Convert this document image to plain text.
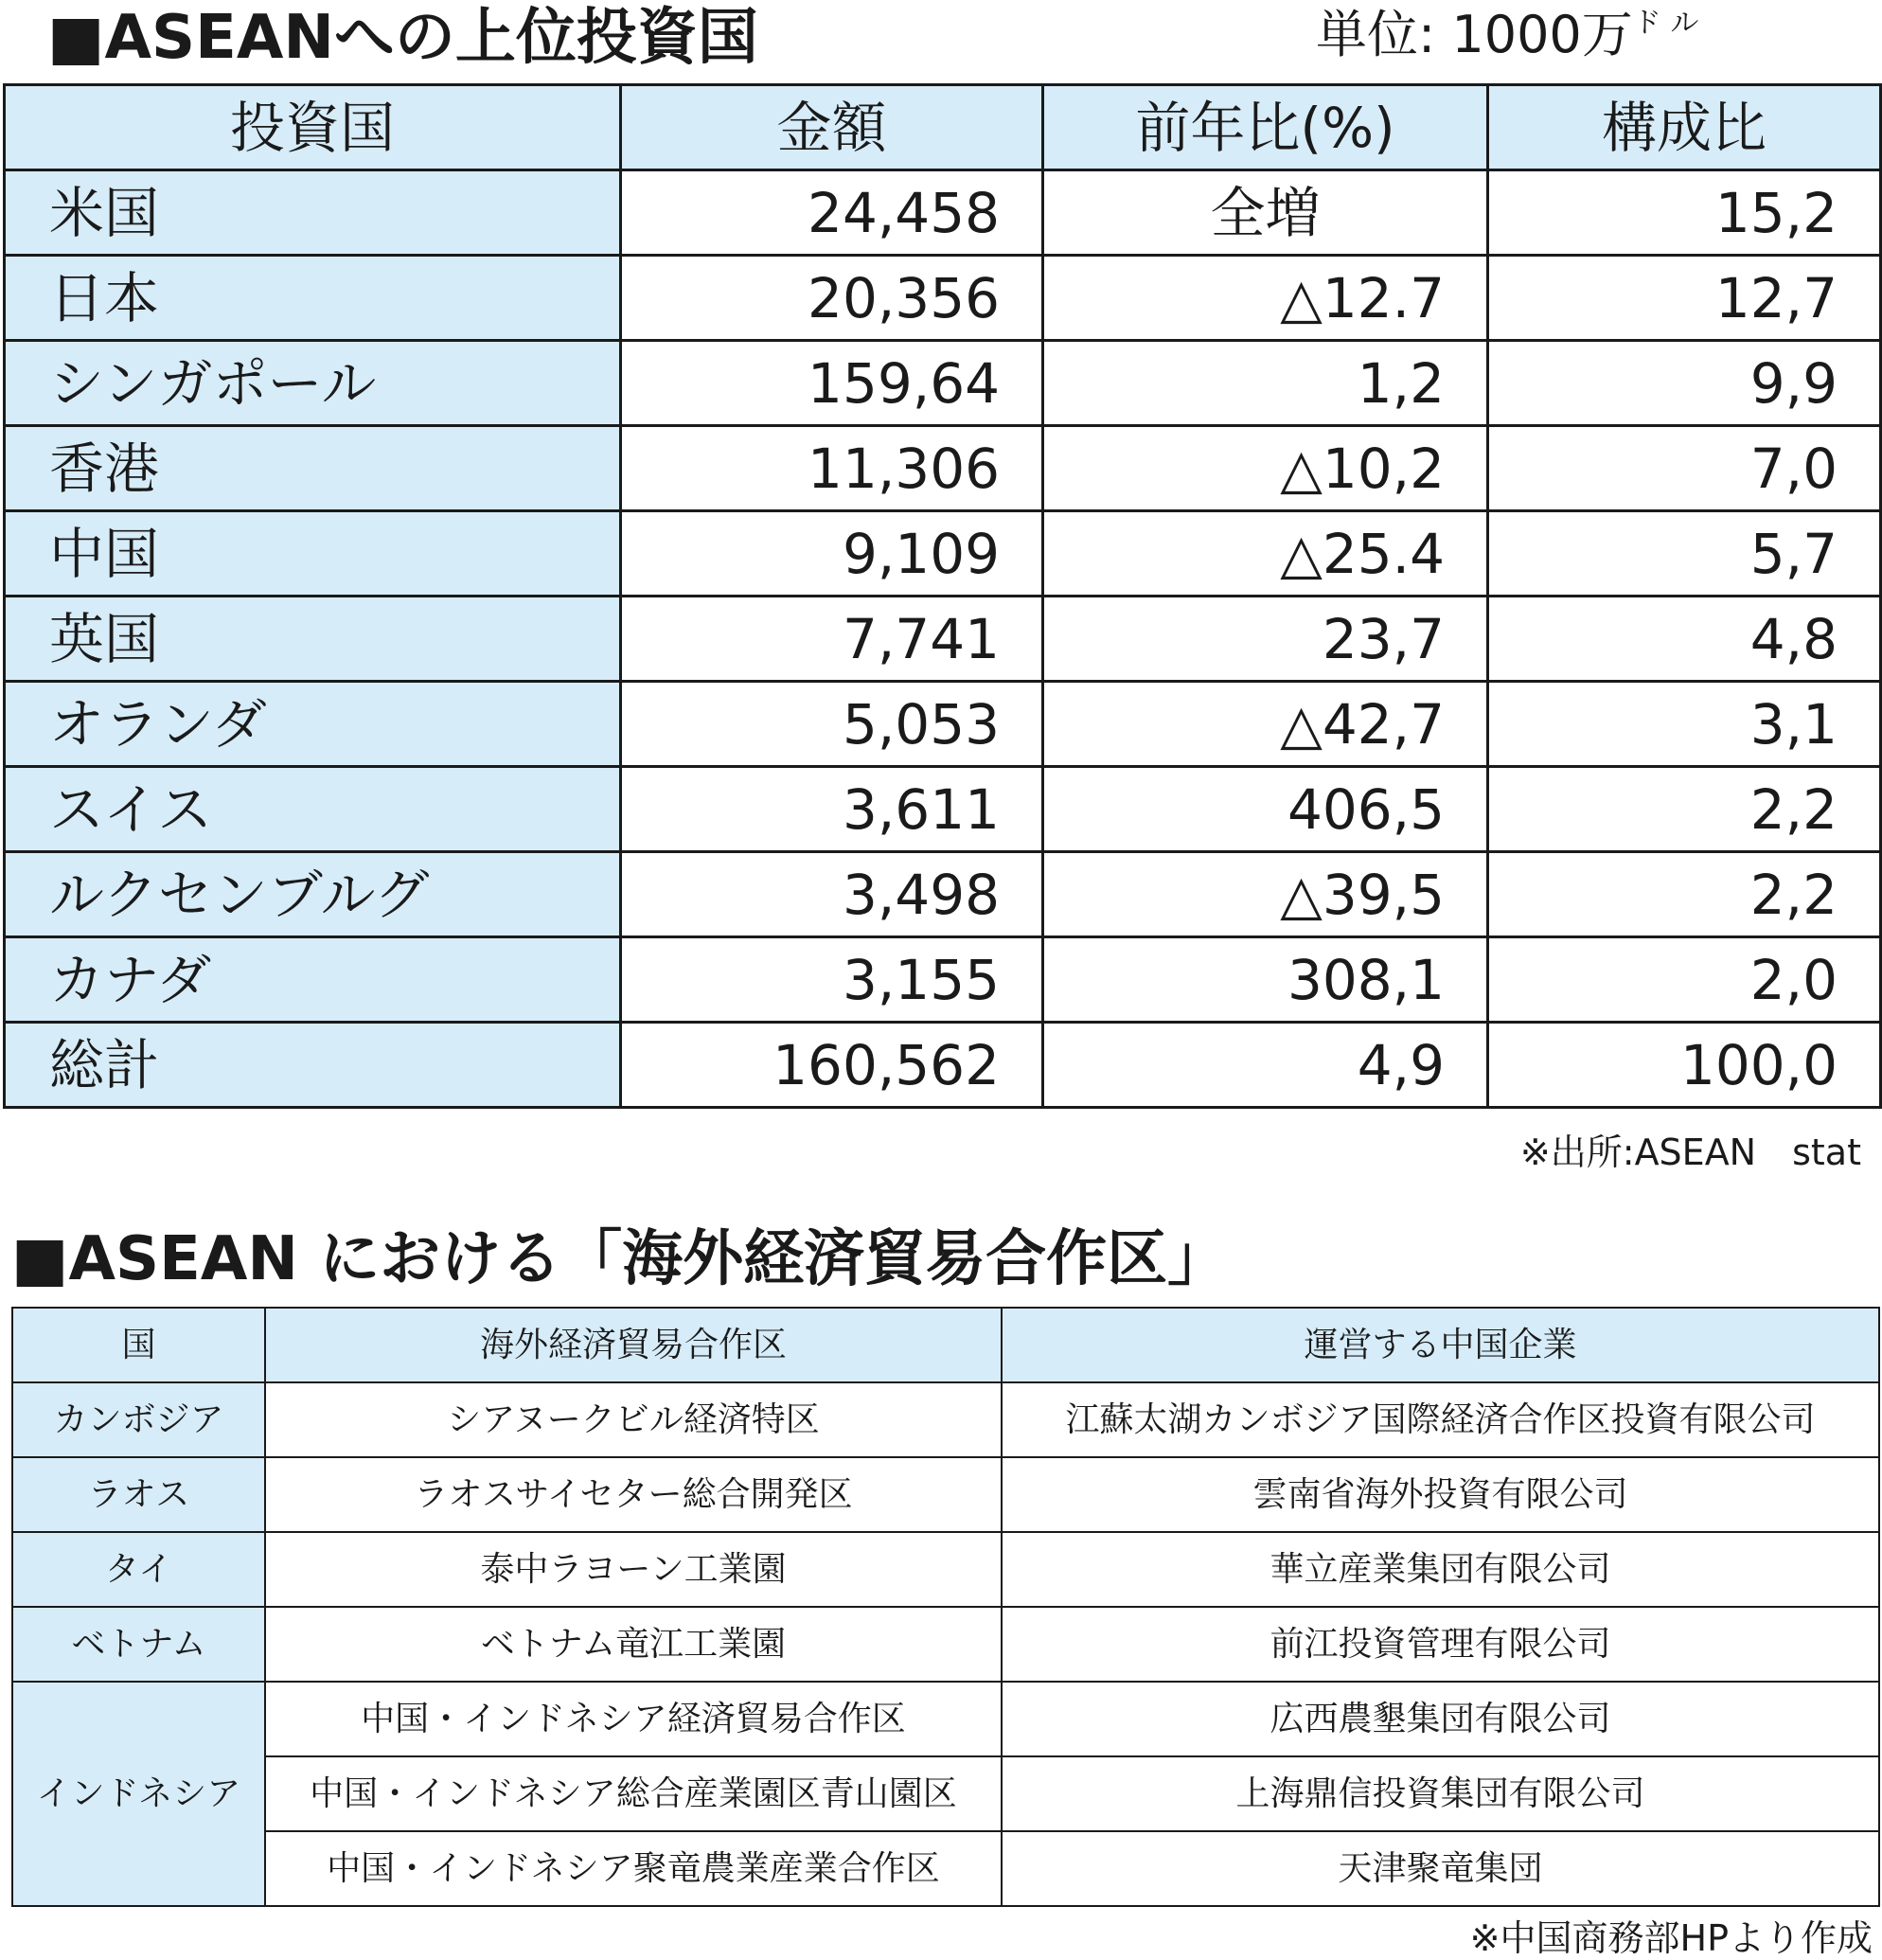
■ASEANへの上位投資国	単位: 1000万$^{ド ル}$
投資国	金額	前年比(%)	構成比
米国	24,458	全増	15,2
日本	20,356	△12.7	12,7
シンガポール	159,64	1,2	9,9
香港	11,306	△10,2	7,0
中国	9,109	△25.4	5,7
英国	7,741	23,7	4,8
オランダ	5,053	△42,7	3,1
スイス	3,611	406,5	2,2
ルクセンブルグ	3,498	△39,5	2,2
カナダ	3,155	308,1	2,0
総計	160,562	4,9	100,0
※出所:ASEAN　stat
■ASEAN における「海外経済貿易合作区」
国	海外経済貿易合作区	運営する中国企業
カンボジア	シアヌークビル経済特区	江蘇太湖カンボジア国際経済合作区投資有限公司
ラオス	ラオスサイセター総合開発区	雲南省海外投資有限公司
タイ	泰中ラヨーン工業園	華立産業集団有限公司
ベトナム	ベトナム竜江工業園	前江投資管理有限公司
インドネシア	中国・インドネシア経済貿易合作区	広西農墾集団有限公司
	中国・インドネシア総合産業園区青山園区	上海鼎信投資集団有限公司
	中国・インドネシア聚竜農業産業合作区	天津聚竜集団
※中国商務部HPより作成
